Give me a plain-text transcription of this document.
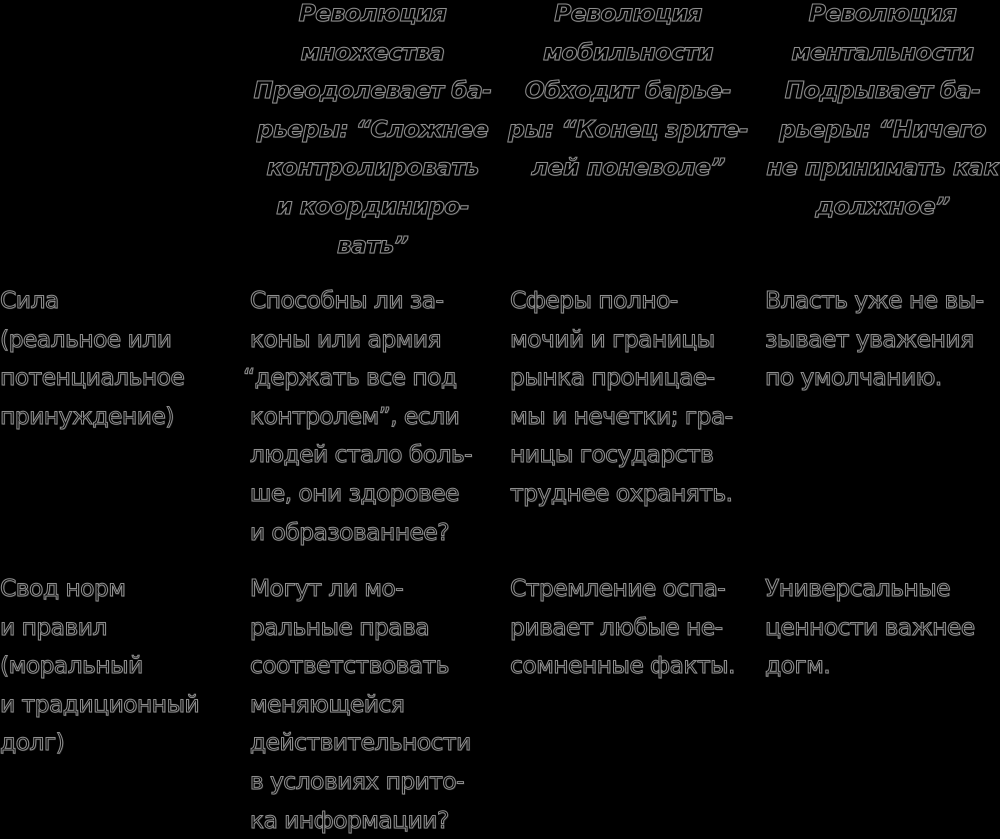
Революция
множества
Преодолевает ба-
рьеры: “Сложнее
контролировать
и координиро-
вать”
Революция
мобильности
Обходит барье-
ры: “Конец зрите-
лей поневоле”
Революция
ментальности
Подрывает ба-
рьеры: “Ничего
не принимать как
должное”
Сила
(реальное или
потенциальное
принуждение)
Способны ли за-
коны или армия
“держать все под
контролем”, если
людей стало боль-
ше, они здоровее
и образованнее?
Сферы полно-
мочий и границы
рынка проницае-
мы и нечетки; гра-
ницы государств
труднее охранять.
Власть уже не вы-
зывает уважения
по умолчанию.
Свод норм
и правил
(моральный
и традиционный
долг)
Могут ли мо-
ральные права
соответствовать
меняющейся
действительности
в условиях прито-
ка информации?
Стремление оспа-
ривает любые не-
сомненные факты.
Универсальные
ценности важнее
догм.
